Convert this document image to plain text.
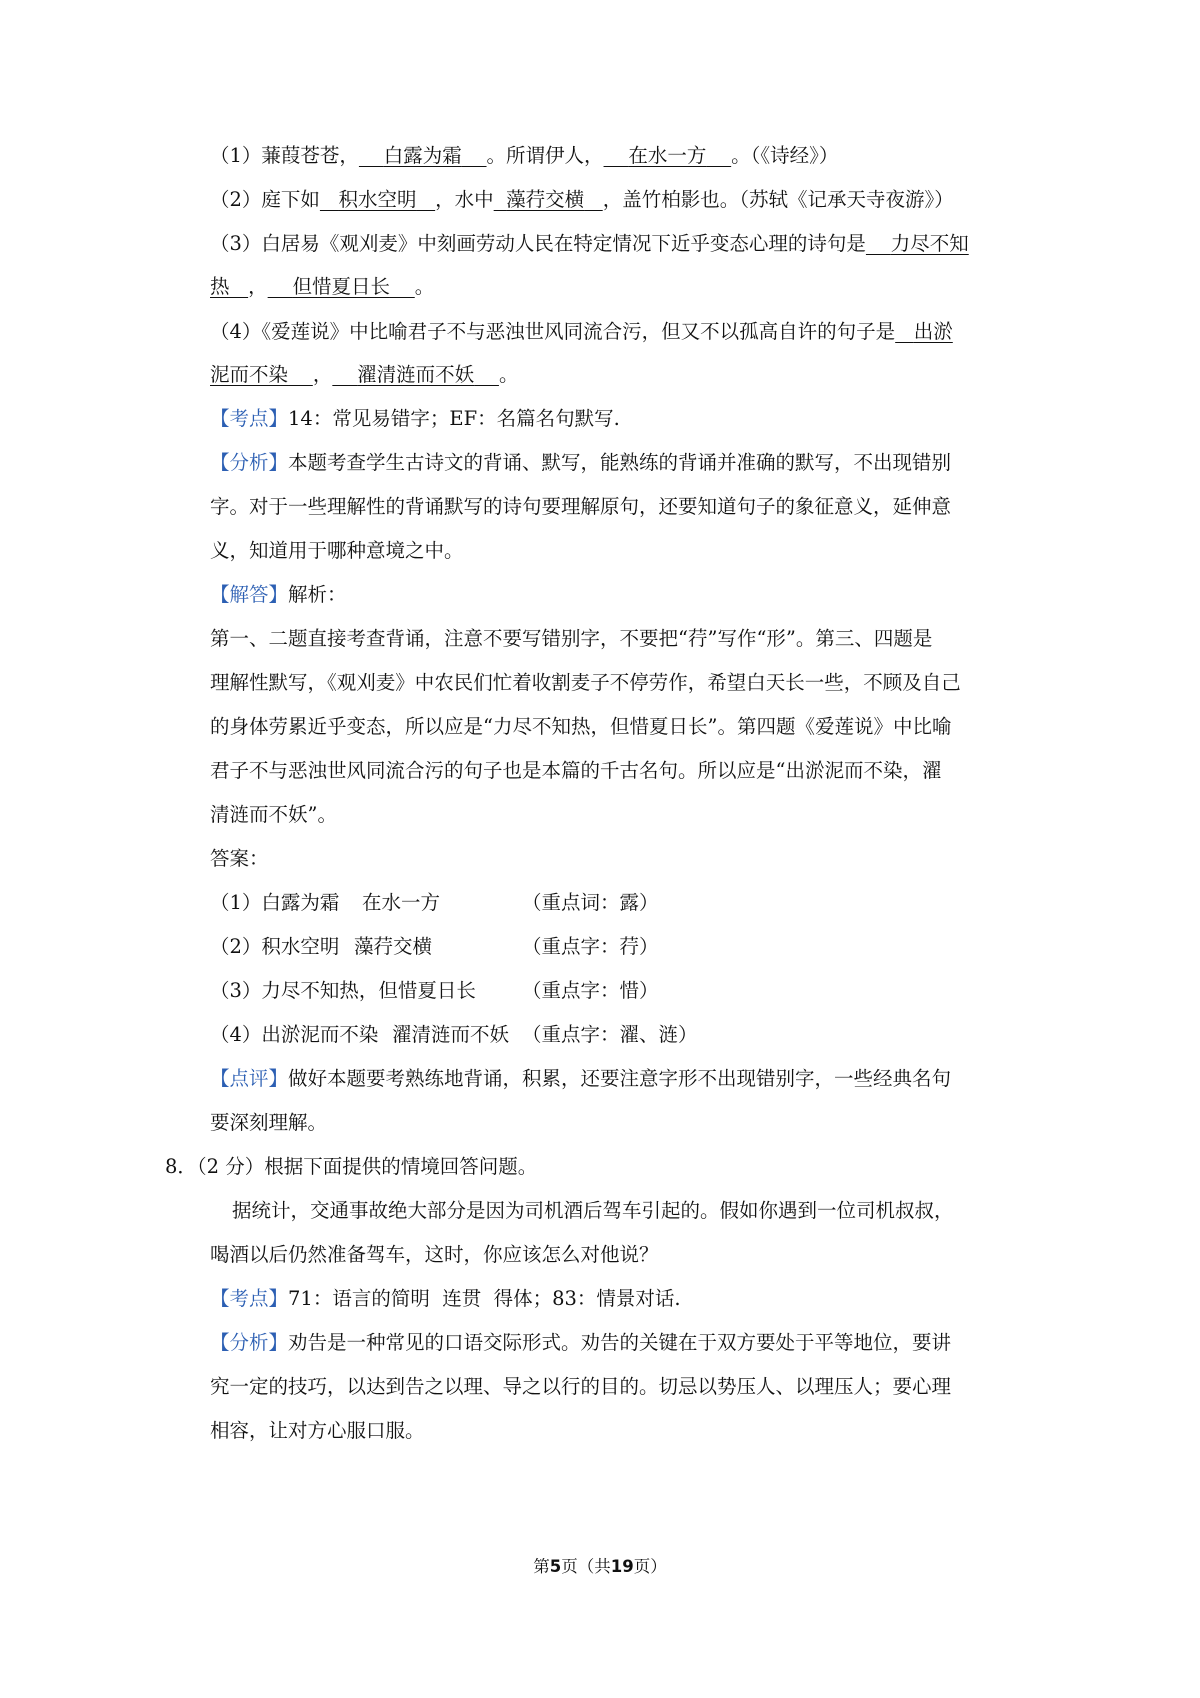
（1）蒹葭苍苍， 白露为霜 。所谓伊人， 在水一方 。（《诗经》）
（2）庭下如 积水空明 ，水中 藻荇交横 ，盖竹柏影也。（苏轼《记承天寺夜游》）
（3）白居易《观刈麦》中刻画劳动人民在特定情况下近乎变态心理的诗句是 力尽不知
热 ， 但惜夏日长 。
（4）《爱莲说》中比喻君子不与恶浊世风同流合污，但又不以孤高自许的句子是 出淤
泥而不染 ， 濯清涟而不妖 。
【考点】14：常见易错字；EF：名篇名句默写.
【分析】本题考查学生古诗文的背诵、默写，能熟练的背诵并准确的默写，不出现错别
字。对于一些理解性的背诵默写的诗句要理解原句，还要知道句子的象征意义，延伸意
义，知道用于哪种意境之中。
【解答】解析：
第一、二题直接考查背诵，注意不要写错别字，不要把“荇”写作“形”。第三、四题是
理解性默写，《观刈麦》中农民们忙着收割麦子不停劳作，希望白天长一些，不顾及自己
的身体劳累近乎变态，所以应是“力尽不知热，但惜夏日长”。第四题《爱莲说》中比喻
君子不与恶浊世风同流合污的句子也是本篇的千古名句。所以应是“出淤泥而不染，濯
清涟而不妖”。
答案：
（1）白露为霜 在水一方	（重点词：露）
（2）积水空明 藻荇交横	（重点字：荇）
（3）力尽不知热，但惜夏日长 （重点字：惜）
（4）出淤泥而不染 濯清涟而不妖 （重点字：濯、涟）
【点评】做好本题要考熟练地背诵，积累，还要注意字形不出现错别字，一些经典名句
要深刻理解。
8．（2 分）根据下面提供的情境回答问题。
据统计，交通事故绝大部分是因为司机酒后驾车引起的。假如你遇到一位司机叔叔，
喝酒以后仍然准备驾车，这时，你应该怎么对他说？
【考点】71：语言的简明  连贯  得体；83：情景对话.
【分析】劝告是一种常见的口语交际形式。劝告的关键在于双方要处于平等地位，要讲
究一定的技巧，以达到告之以理、导之以行的目的。切忌以势压人、以理压人；要心理
相容，让对方心服口服。
第5页（共19页）
